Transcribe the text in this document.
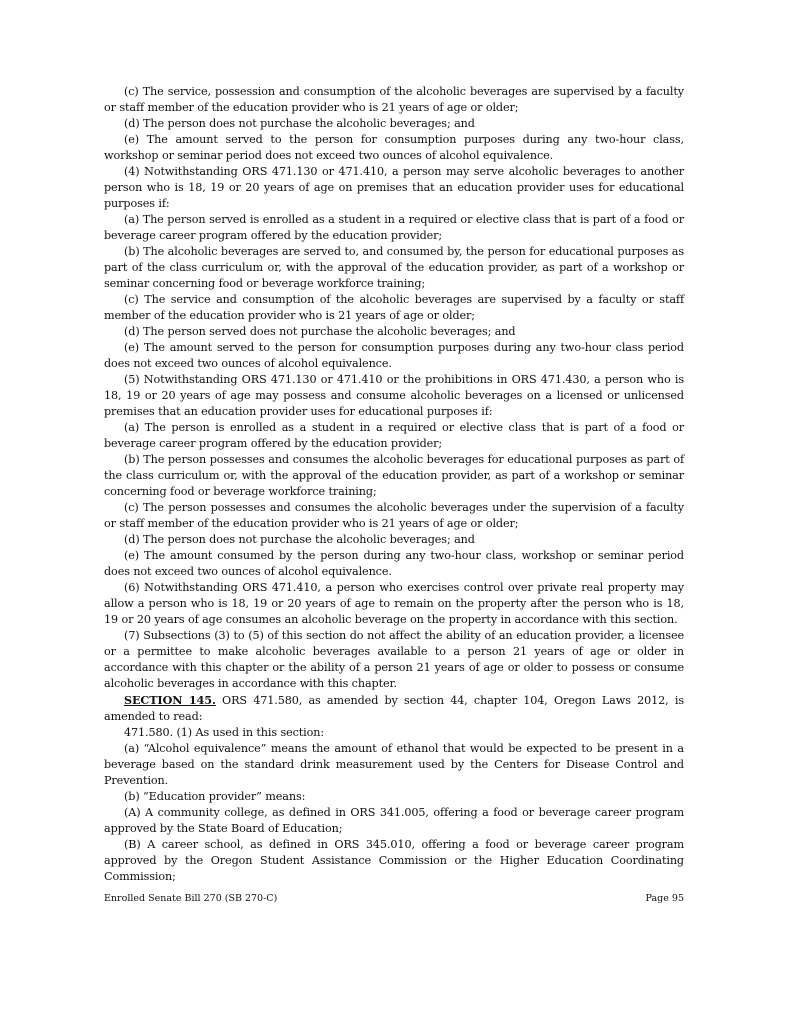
(c) The service, possession and consumption of the alcoholic beverages are supervised by a faculty or staff member of the education provider who is 21 years of age or older;

(d) The person does not purchase the alcoholic beverages; and

(e) The amount served to the person for consumption purposes during any two-hour class, workshop or seminar period does not exceed two ounces of alcohol equivalence.

(4) Notwithstanding ORS 471.130 or 471.410, a person may serve alcoholic beverages to another person who is 18, 19 or 20 years of age on premises that an education provider uses for educational purposes if:

(a) The person served is enrolled as a student in a required or elective class that is part of a food or beverage career program offered by the education provider;

(b) The alcoholic beverages are served to, and consumed by, the person for educational purposes as part of the class curriculum or, with the approval of the education provider, as part of a workshop or seminar concerning food or beverage workforce training;

(c) The service and consumption of the alcoholic beverages are supervised by a faculty or staff member of the education provider who is 21 years of age or older;

(d) The person served does not purchase the alcoholic beverages; and

(e) The amount served to the person for consumption purposes during any two-hour class period does not exceed two ounces of alcohol equivalence.

(5) Notwithstanding ORS 471.130 or 471.410 or the prohibitions in ORS 471.430, a person who is 18, 19 or 20 years of age may possess and consume alcoholic beverages on a licensed or unlicensed premises that an education provider uses for educational purposes if:

(a) The person is enrolled as a student in a required or elective class that is part of a food or beverage career program offered by the education provider;

(b) The person possesses and consumes the alcoholic beverages for educational purposes as part of the class curriculum or, with the approval of the education provider, as part of a workshop or seminar concerning food or beverage workforce training;

(c) The person possesses and consumes the alcoholic beverages under the supervision of a faculty or staff member of the education provider who is 21 years of age or older;

(d) The person does not purchase the alcoholic beverages; and

(e) The amount consumed by the person during any two-hour class, workshop or seminar period does not exceed two ounces of alcohol equivalence.

(6) Notwithstanding ORS 471.410, a person who exercises control over private real property may allow a person who is 18, 19 or 20 years of age to remain on the property after the person who is 18, 19 or 20 years of age consumes an alcoholic beverage on the property in accordance with this section.

(7) Subsections (3) to (5) of this section do not affect the ability of an education provider, a licensee or a permittee to make alcoholic beverages available to a person 21 years of age or older in accordance with this chapter or the ability of a person 21 years of age or older to possess or consume alcoholic beverages in accordance with this chapter.

SECTION 145. ORS 471.580, as amended by section 44, chapter 104, Oregon Laws 2012, is amended to read:

471.580. (1) As used in this section:

(a) “Alcohol equivalence” means the amount of ethanol that would be expected to be present in a beverage based on the standard drink measurement used by the Centers for Disease Control and Prevention.

(b) “Education provider” means:

(A) A community college, as defined in ORS 341.005, offering a food or beverage career program approved by the State Board of Education;

(B) A career school, as defined in ORS 345.010, offering a food or beverage career program approved by the Oregon Student Assistance Commission or the Higher Education Coordinating Commission;

Enrolled Senate Bill 270 (SB 270-C)	Page 95
